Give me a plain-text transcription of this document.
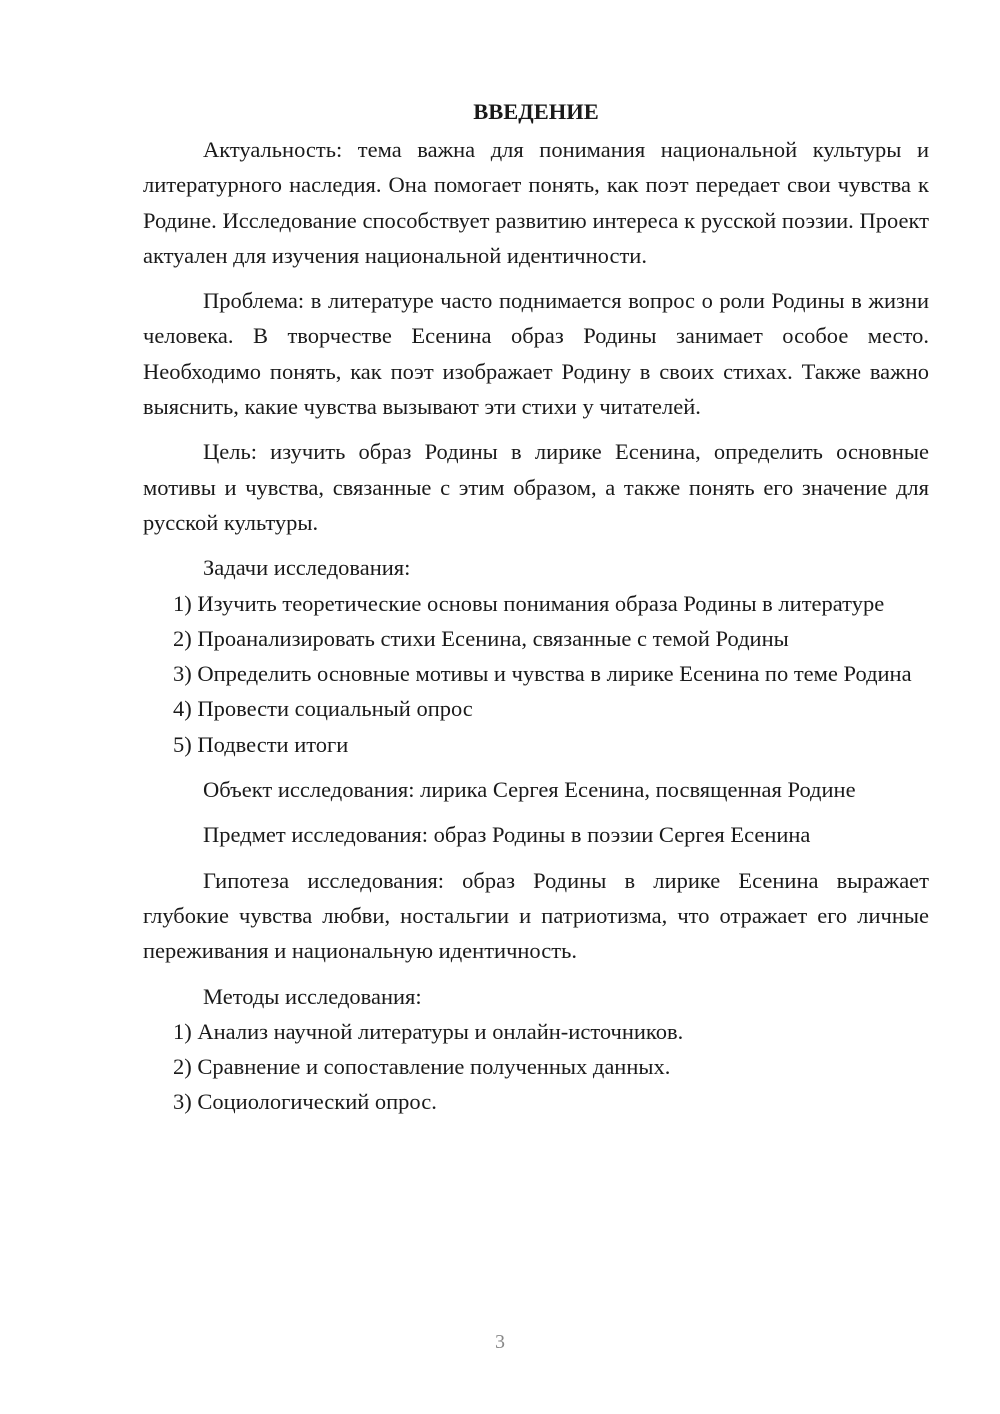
ВВЕДЕНИЕ

Актуальность: тема важна для понимания национальной культуры и литературного наследия. Она помогает понять, как поэт передает свои чувства к Родине. Исследование способствует развитию интереса к русской поэзии. Проект актуален для изучения национальной идентичности.

Проблема: в литературе часто поднимается вопрос о роли Родины в жизни человека. В творчестве Есенина образ Родины занимает особое место. Необходимо понять, как поэт изображает Родину в своих стихах. Также важно выяснить, какие чувства вызывают эти стихи у читателей.

Цель: изучить образ Родины в лирике Есенина, определить основные мотивы и чувства, связанные с этим образом, а также понять его значение для русской культуры.

Задачи исследования:

1) Изучить теоретические основы понимания образа Родины в литературе

2) Проанализировать стихи Есенина, связанные с темой Родины

3) Определить основные мотивы и чувства в лирике Есенина по теме Родина

4) Провести социальный опрос

5) Подвести итоги

Объект исследования: лирика Сергея Есенина, посвященная Родине

Предмет исследования: образ Родины в поэзии Сергея Есенина

Гипотеза исследования: образ Родины в лирике Есенина выражает глубокие чувства любви, ностальгии и патриотизма, что отражает его личные переживания и национальную идентичность.

Методы исследования:

1) Анализ научной литературы и онлайн-источников.

2) Сравнение и сопоставление полученных данных.

3) Социологический опрос.

3
